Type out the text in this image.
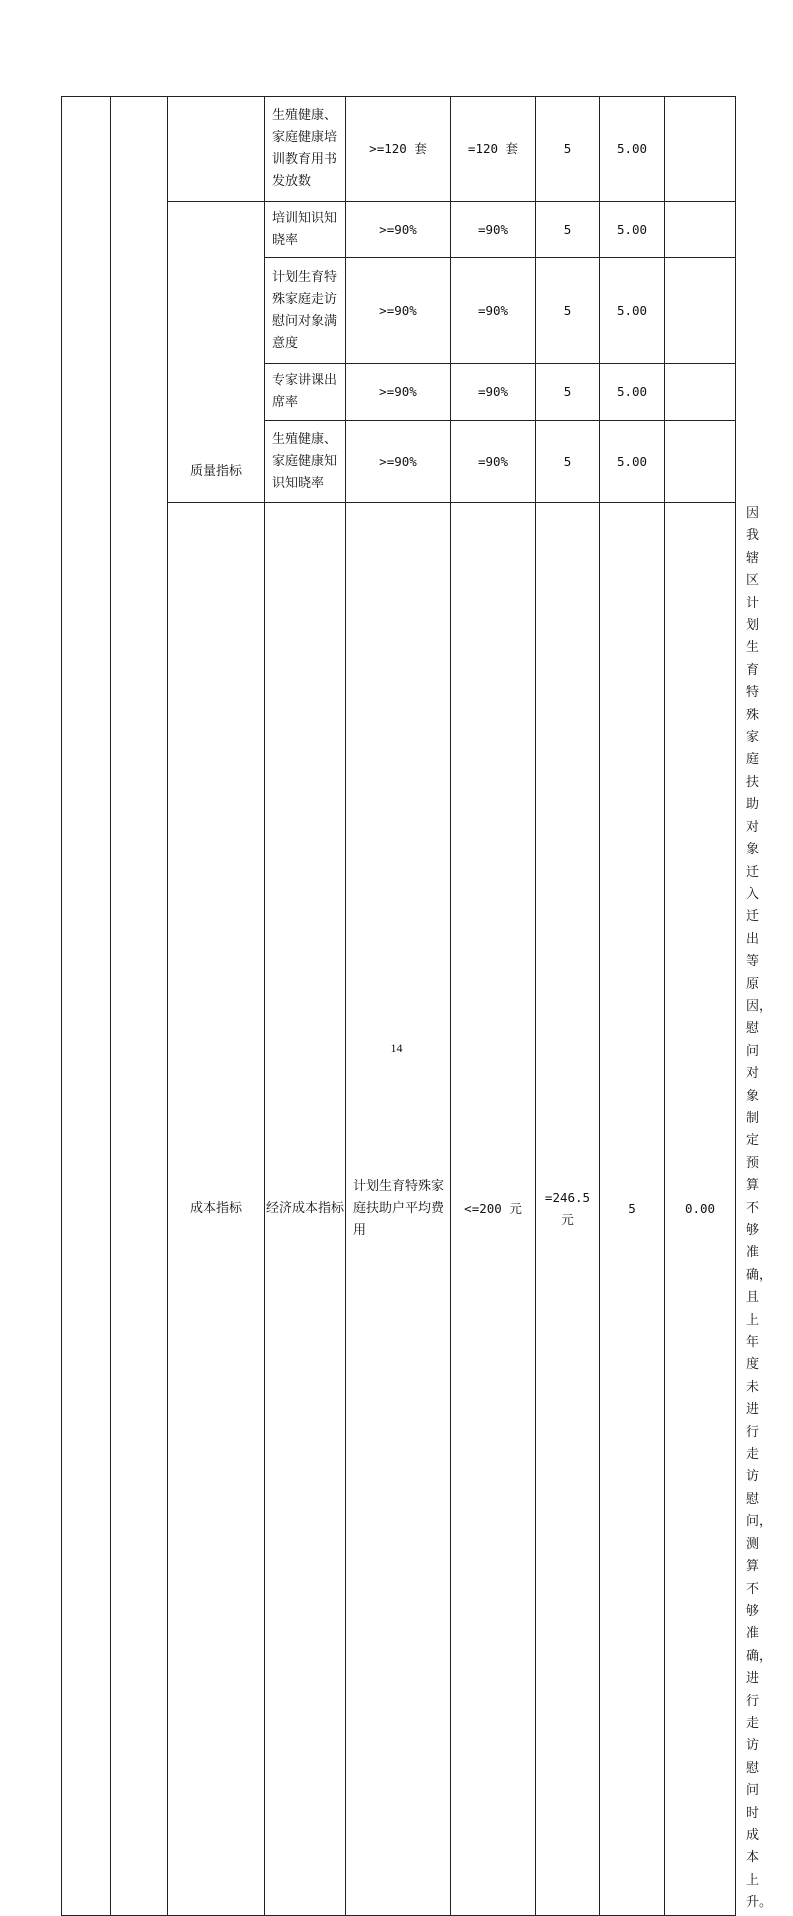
			生殖健康、家庭健康培训教育用书发放数	>=120 套	=120 套	5	5.00		
		质量指标	培训知识知晓率	>=90%	=90%	5	5.00		
			计划生育特殊家庭走访慰问对象满意度	>=90%	=90%	5	5.00		
			专家讲课出席率	>=90%	=90%	5	5.00		
			生殖健康、家庭健康知识知晓率	>=90%	=90%	5	5.00		
		成本指标	经济成本指标	计划生育特殊家庭扶助户平均费用	<=200 元	=246.5 元	5	0.00	因我辖区计划生育特殊家庭扶助对象迁入迁出等原因，慰问对象制定预算不够准确，且上年度未进行走访慰问，测算不够准确，进行走访慰问时成本上升。
14
